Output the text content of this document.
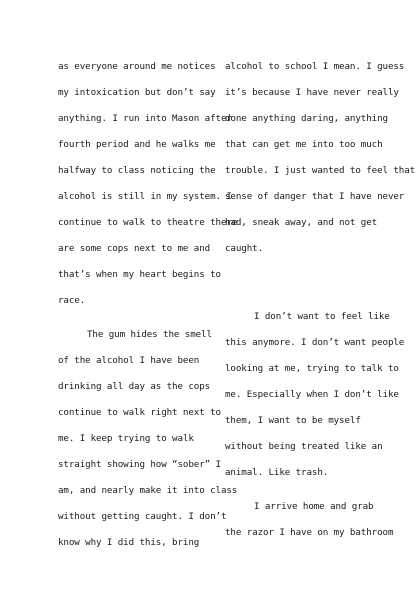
as everyone around me notices
my intoxication but don’t say
anything. I run into Mason after
fourth period and he walks me
halfway to class noticing the
alcohol is still in my system. I
continue to walk to theatre there
are some cops next to me and
that’s when my heart begins to
race.
The gum hides the smell
of the alcohol I have been
drinking all day as the cops
continue to walk right next to
me. I keep trying to walk
straight showing how “sober” I
am, and nearly make it into class
without getting caught. I don’t
know why I did this, bring
alcohol to school I mean. I guess
it’s because I have never really
done anything daring, anything
that can get me into too much
trouble. I just wanted to feel that
sense of danger that I have never
had, sneak away, and not get
caught.
I don’t want to feel like
this anymore. I don’t want people
looking at me, trying to talk to
me. Especially when I don’t like
them, I want to be myself
without being treated like an
animal. Like trash.
I arrive home and grab
the razor I have on my bathroom
